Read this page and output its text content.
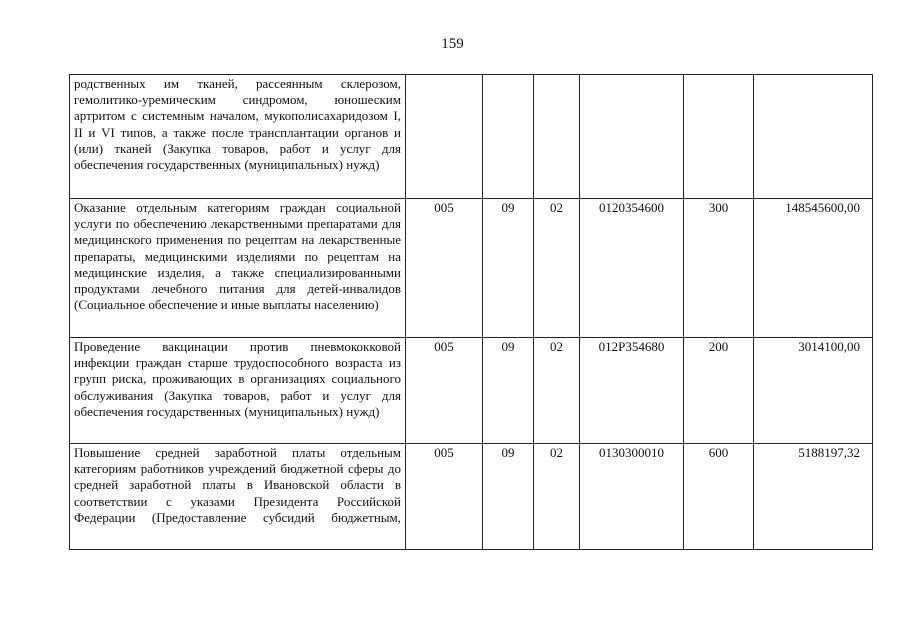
159
родственных им тканей, рассеянным склерозом, гемолитико-уремическим синдромом, юношеским артритом с системным началом, мукополисахаридозом I, II и VI типов, а также после трансплантации органов и (или) тканей (Закупка товаров, работ и услуг для обеспечения государственных (муниципальных) нужд)						
Оказание отдельным категориям граждан социальной услуги по обеспечению лекарственными препаратами для медицинского применения по рецептам на лекарственные препараты, медицинскими изделиями по рецептам на медицинские изделия, а также специализированными продуктами лечебного питания для детей-инвалидов (Социальное обеспечение и иные выплаты населению)	005	09	02	0120354600	300	148545600,00
Проведение вакцинации против пневмококковой инфекции граждан старше трудоспособного возраста из групп риска, проживающих в организациях социального обслуживания (Закупка товаров, работ и услуг для обеспечения государственных (муниципальных) нужд)	005	09	02	012P354680	200	3014100,00
Повышение средней заработной платы отдельным категориям работников учреждений бюджетной сферы до средней заработной платы в Ивановской области в соответствии с указами Президента Российской Федерации (Предоставление субсидий бюджетным,	005	09	02	0130300010	600	5188197,32
